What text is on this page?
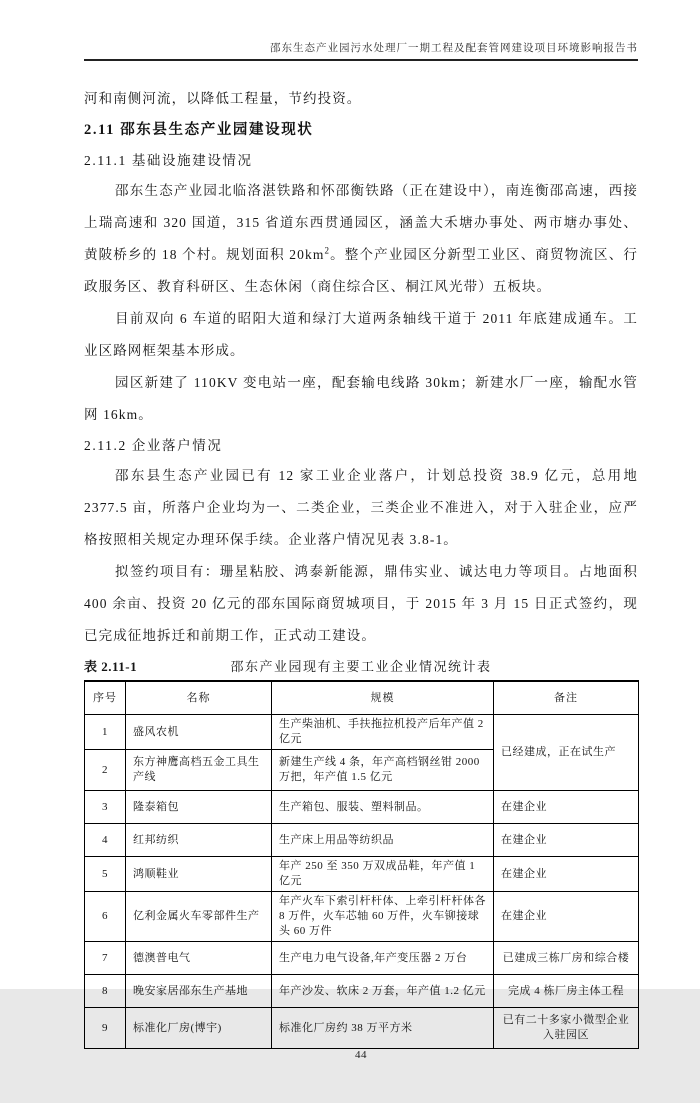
邵东生态产业园污水处理厂一期工程及配套管网建设项目环境影响报告书

河和南侧河流，以降低工程量，节约投资。

2.11 邵东县生态产业园建设现状
2.11.1 基础设施建设情况

邵东生态产业园北临洛湛铁路和怀邵衡铁路（正在建设中），南连衡邵高速，西接上瑞高速和 320 国道，315 省道东西贯通园区，涵盖大禾塘办事处、两市塘办事处、黄陂桥乡的 18 个村。规划面积 $20km^2$。整个产业园区分新型工业区、商贸物流区、行政服务区、教育科研区、生态休闲（商住综合区、桐江风光带）五板块。

目前双向 6 车道的昭阳大道和绿汀大道两条轴线干道于 2011 年底建成通车。工业区路网框架基本形成。

园区新建了 110KV 变电站一座，配套输电线路 30km；新建水厂一座，输配水管网 16km。

2.11.2 企业落户情况

邵东县生态产业园已有 12 家工业企业落户，计划总投资 38.9 亿元，总用地 2377.5 亩，所落户企业均为一、二类企业，三类企业不准进入，对于入驻企业，应严格按照相关规定办理环保手续。企业落户情况见表 3.8-1。

拟签约项目有：珊星粘胶、鸿泰新能源，鼎伟实业、诚达电力等项目。占地面积 400 余亩、投资 20 亿元的邵东国际商贸城项目，于 2015 年 3 月 15 日正式签约，现已完成征地拆迁和前期工作，正式动工建设。

表 2.11-1	邵东产业园现有主要工业企业情况统计表
序号	名称	规模	备注
1	盛风农机	生产柴油机、手扶拖拉机投产后年产值 2 亿元	已经建成，正在试生产
2	东方神鹰高档五金工具生产线	新建生产线 4 条，年产高档钢丝钳 2000 万把，年产值 1.5 亿元	
3	隆泰箱包	生产箱包、服装、塑料制品。	在建企业
4	红邦纺织	生产床上用品等纺织品	在建企业
5	鸿顺鞋业	年产 250 至 350 万双成品鞋，年产值 1 亿元	在建企业
6	亿利金属火车零部件生产	年产火车下索引杆杆体、上牵引杆杆体各 8 万件，火车芯轴 60 万件，火车铆接球头 60 万件	在建企业
7	德澳普电气	生产电力电气设备,年产变压器 2 万台	已建成三栋厂房和综合楼
8	晚安家居邵东生产基地	年产沙发、软床 2 万套，年产值 1.2 亿元	完成 4 栋厂房主体工程
9	标准化厂房(博宇)	标准化厂房约 38 万平方米	已有二十多家小微型企业入驻园区
44
